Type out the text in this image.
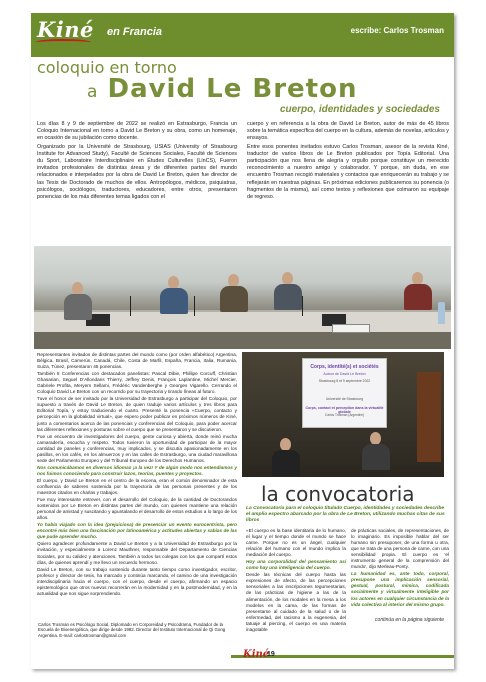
Kiné en Francia	escribe: Carlos Trosman
coloquio en torno
a David Le Breton
cuerpo, identidades y sociedades

Los días 8 y 9 de septiembre de 2022 se realizó en Estrasburgo, Francia un Coloquio Internacional en torno a David Le Breton y su obra, como un homenaje, en ocasión de su jubilación como docente.

Organizado por la Université de Strasbourg, USIAS (University of Strasbourg Institute for Advanced Study), Faculté de Sciences Sociales, Faculté de Sciences du Sport, Laboratoire Interdisciplinaire en Études Culturelles (LinCS), Fueron invitados profesionales de distintas áreas y de diferentes partes del mundo relacionados e interpelados por la obra de David Le Breton, quien fue director de las Tesis de Doctorado de muchos de ellos. Antropólogos, médicos, psiquiatras, psicólogos, sociólogos, traductores, educadores, entre otros, presentaron ponencias de los más diferentes temas ligados con el

cuerpo y en referencia a la obra de David Le Breton, autor de más de 45 libros sobre la temática específica del cuerpo en la cultura, además de novelas, artículos y ensayos.

Entre esos ponentes invitados estuvo Carlos Trosman, asesor de la revista Kiné, traductor de varios libros de Le Breton publicados por Topía Editorial. Una participación que nos llena de alegría y orgullo porque constituye un merecido reconocimiento a nuestro amigo y colaborador. Y porque, sin duda, en ese encuentro Trosman recogió materiales y contactos que enriquecerán su trabajo y se reflejarán en nuestras páginas. En próximas ediciones publicaremos su ponencia (o fragmentos de la misma), así como textos y reflexiones que colmaron su equipaje de regreso.

Representantes invitados de distintas partes del mundo como (por orden alfabético) Argentina, Bélgica, Brasil, Camerún, Canadá, Chile, Costa de Marfil, España, Francia, Italia, Rumania, Suiza, Túnez, presentaron 45 ponencias.

También 5 Conferencias con destacados panelistas: Pascal Dibie, Phillipe Corcuff, Christian Ghasarian, Seguel D'Allondans Thierry, Jeffrey Denis, François Laplantine, Michel Mercier, Gabriele Profita, Meryem Sellami, Frédéric Vandenberghe y Georges Vigarello. Cerrando el Coloquio David Le Breton con un recorrido por su trayectoria y tirando líneas al futuro.

Tuve el honor de ser invitado por la Universidad de Estrasburgo a participar del Coloquio, por supuesto a través de David Le Breton, de quien traduje varios artículos y tres libros para Editorial Topía, y estoy traduciendo el cuarto. Presenté la ponencia «Cuerpo, contacto y percepción en la globalidad virtual», que espero poder publicar en próximos números de Kiné, junto a comentarios acerca de las ponencias y conferencias del Coloquio, para poder acercar las diferentes reflexiones y posturas sobre el cuerpo que se presentaron y se discutieron.

Fue un encuentro de investigadores del cuerpo, gente curiosa y abierta, donde reinó mucha camaradería, escucha y respeto. Todos tuvieron la oportunidad de participar de la mayor cantidad de paneles y conferencias, muy implicados, y se discutía apasionadamente en los pasillos, en los cafés, en los almuerzos y en las calles de Estrasburgo, una ciudad maravillosa sede del Parlamento Europeo y del Tribunal Europeo de los Derechos Humanos.

Nos comunicábamos en diversos idiomas ¡a la vez! Y de algún modo nos entendíamos y nos fuimos conociendo para construir lazos, teorías, puentes y proyectos.

El cuerpo, y David Le Breton en el centro de la escena, eran el común denominador de esta confluencia de saberes sostenida por la trayectoria de las personas presentes y de los maestros citados en charlas y trabajos.

Fue muy interesante entrever, con el desarrollo del Coloquio, de la cantidad de Doctorandos sostenidos por Le Breton en distintas partes del mundo, con quienes mantiene una relación personal de amistad y suscitando y apuntalando el desarrollo de estos estudios a lo largo de los años.

Yo había viajado con la idea (prejuiciosa) de presenciar un evento eurocentrista, pero encontré más bien una fascinación por latinoamérica y actitudes abiertas y sabias de las que pude aprender mucho.

Quiero agradecer profundamente a David Le Breton y a la Universidad de Estrasburgo por la invitación, y especialmente a Lorenz Mauthner, responsable del Departamento de Ciencias Sociales, por su calidez y atenciones. También a todos los colegas con los que compartí estos días, de quienes aprendí y me llevo un recuerdo hermoso.

David Le Breton, con su trabajo sostenido durante tanto tiempo como investigador, escritor, profesor y director de tesis, ha marcado y continúa marcando, el camino de una investigación interdisciplinaria hacia el cuerpo, con el cuerpo, desde el cuerpo, afirmando un espacio epistemológico que otros nuevos recorrerán en la modernidad y en la postmodernidad, y en la actualidad que nos sigue sorprendiendo.

Carlos Trosman es Psicólogo Social, Diplomado en Corporeidad y Psicodrama, Fundador de la Escuela de Bioenergética, que dirige desde 1982. Director del Instituto Internacional de Qi Gong Argentina. E-mail: carlostrosman@gmail.com
Corps, identité(s) et sociétés
Autour de David Le Breton
Strasbourg 8 et 9 septembre 2022
Université de Strasbourg
Corps, contact et perception dans la virtualité globale
Carlos Trosman (Argentine)
la convocatoria
La Convocatoria para el coloquio titulado Cuerpo, identidades y sociedades describe el amplio espectro abarcado por la obra de Le Breton, utilizando muchas citas de sus libros

«El cuerpo es la base identitaria de lo humano, el lugar y el tiempo donde el mundo se hace carne. Porque no es un ángel, cualquier relación del humano con el mundo implica la mediación del cuerpo.

Hoy una corporalidad del pensamiento así como hay una inteligencia del cuerpo.

Desde las técnicas del cuerpo hasta las expresiones de afecto, de las percepciones sensoriales a las inscripciones tegumentarias, de las prácticas de higiene a las de la alimentación, de los modales en la mesa a los modelos en la cama, de las formas de presentarse al cuidado de la salud o de la enfermedad, del racismo a la eugenesia, del tatuaje al piercing, el cuerpo es una materia inagotable

de prácticas sociales, de representaciones, de lo imaginario. Es imposible hablar del ser humano sin presuponer, de una forma u otra, que se trata de una persona de carne, con una sensibilidad propia. El cuerpo es 'el instrumento general de la comprensión del mundo', dijo Merleau-Ponty.

La humanidad es, ante todo, corporal, presupone una implicación sensorial, gestual, postural, mímica, codificada socialmente y virtualmente inteligible por los actores en cualquier circunstancia de la vida colectiva al interior del mismo grupo.

continúa en la página siguiente
Kiné
19
